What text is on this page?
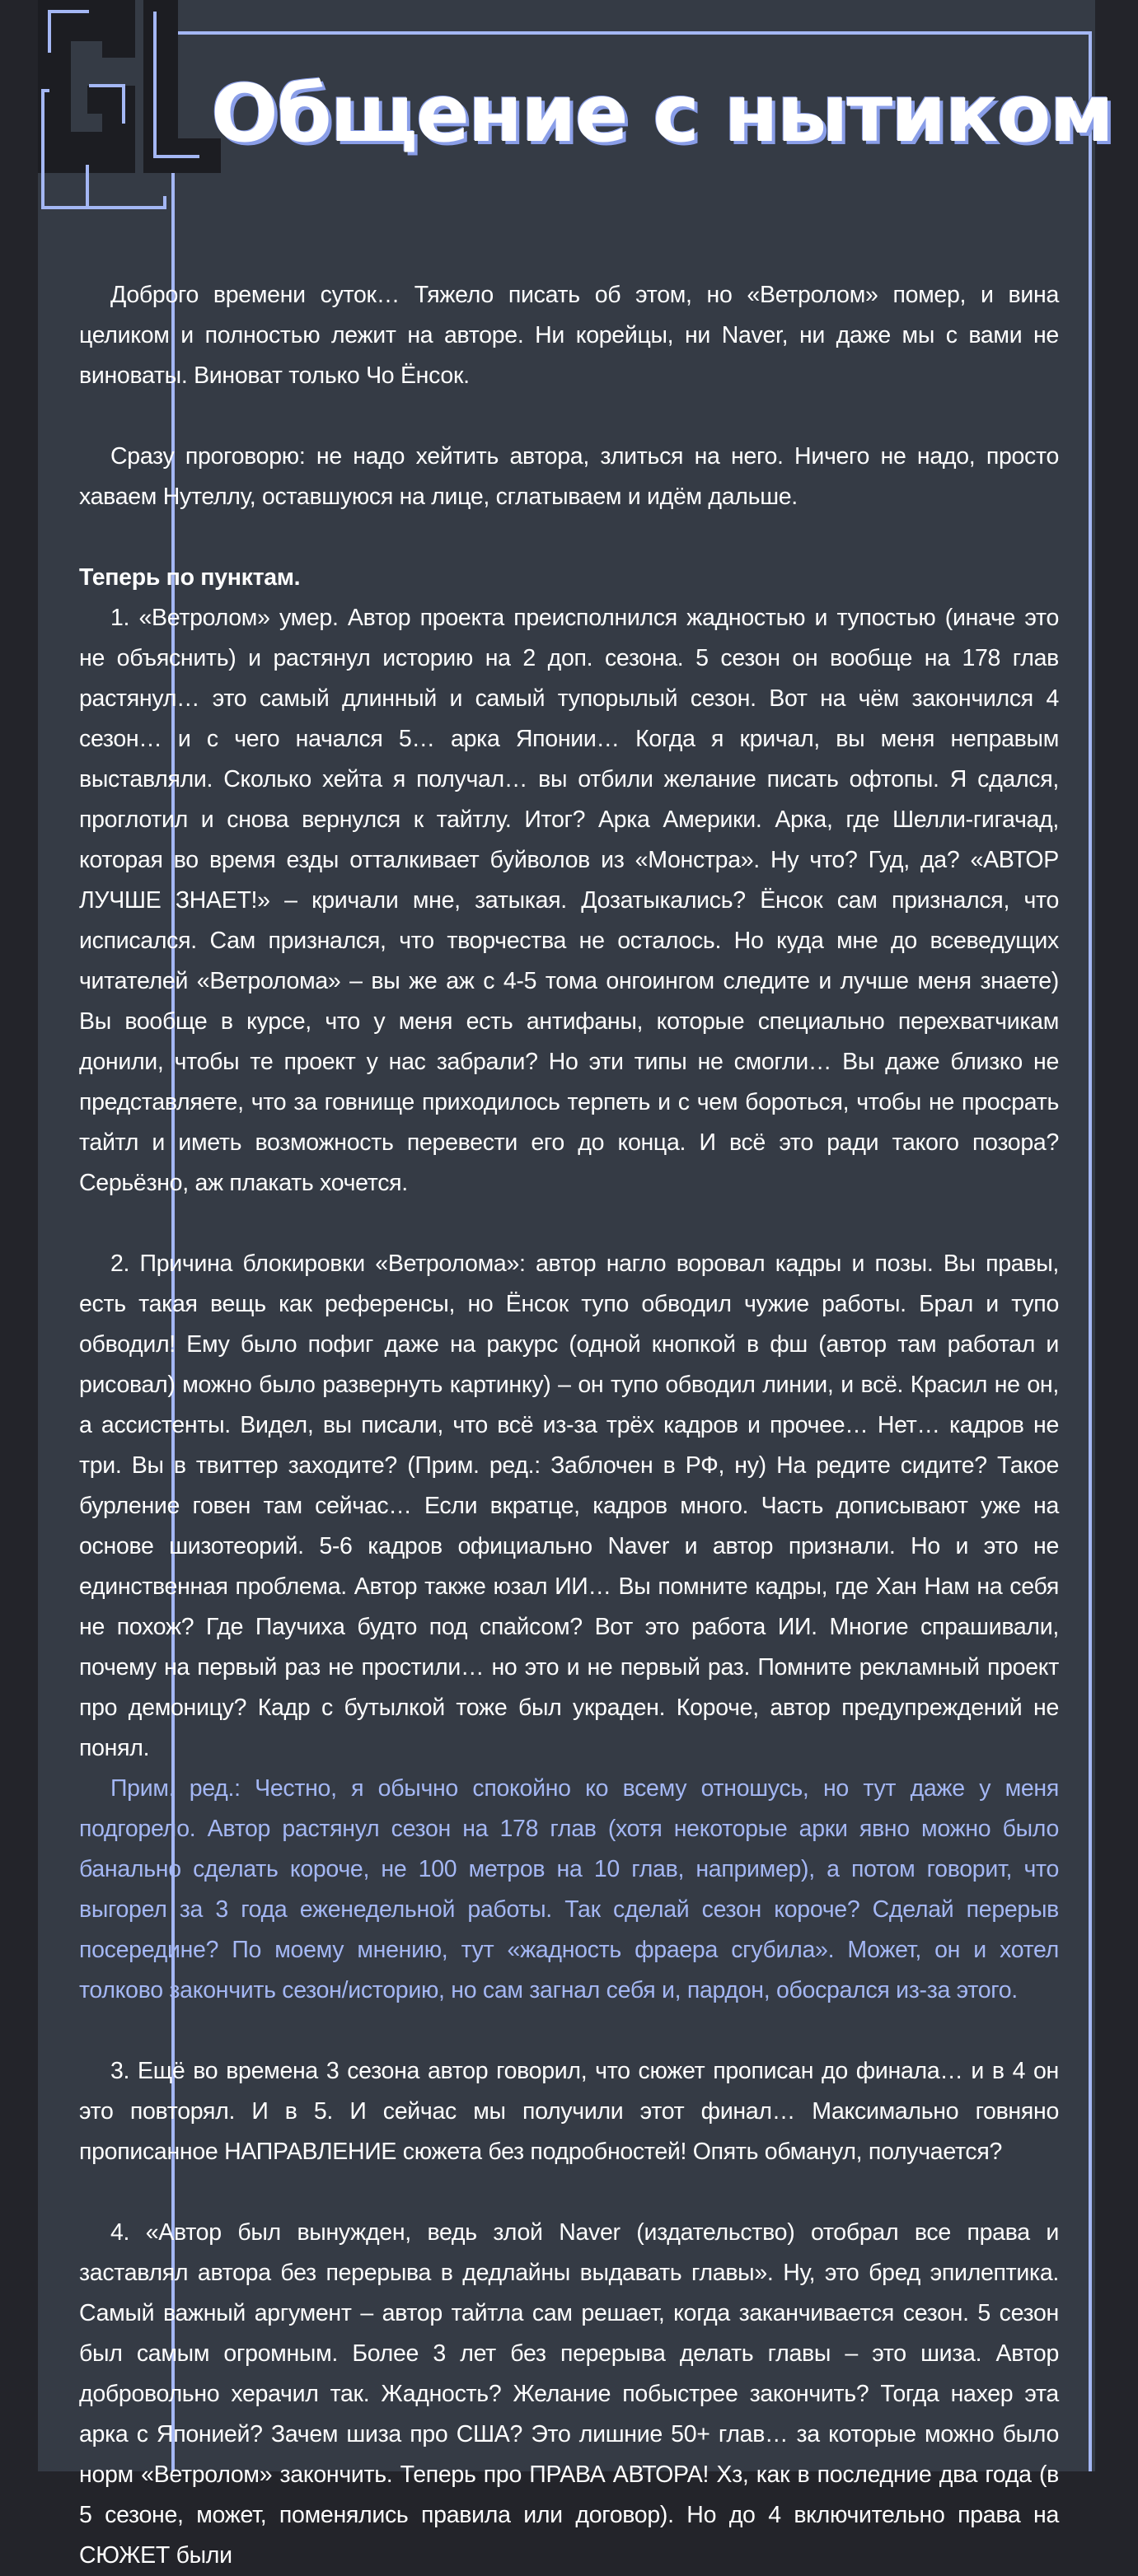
Общение с нытиком

Доброго времени суток… Тяжело писать об этом, но «Ветролом» помер, и вина целиком и полностью лежит на авторе. Ни корейцы, ни Naver, ни даже мы с вами не виноваты. Виноват только Чо Ёнсок.

Сразу проговорю: не надо хейтить автора, злиться на него. Ничего не надо, просто хаваем Нутеллу, оставшуюся на лице, сглатываем и идём дальше.

Теперь по пунктам.

1. «Ветролом» умер. Автор проекта преисполнился жадностью и тупостью (иначе это не объяснить) и растянул историю на 2 доп. сезона. 5 сезон он вообще на 178 глав растянул… это самый длинный и самый тупорылый сезон. Вот на чём закончился 4 сезон… и с чего начался 5… арка Японии… Когда я кричал, вы меня неправым выставляли. Сколько хейта я получал… вы отбили желание писать офтопы. Я сдался, проглотил и снова вернулся к тайтлу. Итог? Арка Америки. Арка, где Шелли-гигачад, которая во время езды отталкивает буйволов из «Монстра». Ну что? Гуд, да? «АВТОР ЛУЧШЕ ЗНАЕТ!» – кричали мне, затыкая. Дозатыкались? Ёнсок сам признался, что исписался. Сам признался, что творчества не осталось. Но куда мне до всеведущих читателей «Ветролома» – вы же аж с 4-5 тома онгоингом следите и лучше меня знаете) Вы вообще в курсе, что у меня есть антифаны, которые специально перехватчикам донили, чтобы те проект у нас забрали? Но эти типы не смогли… Вы даже близко не представляете, что за говнище приходилось терпеть и с чем бороться, чтобы не просрать тайтл и иметь возможность перевести его до конца. И всё это ради такого позора? Серьёзно, аж плакать хочется.

2. Причина блокировки «Ветролома»: автор нагло воровал кадры и позы. Вы правы, есть такая вещь как референсы, но Ёнсок тупо обводил чужие работы. Брал и тупо обводил! Ему было пофиг даже на ракурс (одной кнопкой в фш (автор там работал и рисовал) можно было развернуть картинку) – он тупо обводил линии, и всё. Красил не он, а ассистенты. Видел, вы писали, что всё из-за трёх кадров и прочее… Нет… кадров не три. Вы в твиттер заходите? (Прим. ред.: Заблочен в РФ, ну) На редите сидите? Такое бурление говен там сейчас… Если вкратце, кадров много. Часть дописывают уже на основе шизотеорий. 5-6 кадров официально Naver и автор признали. Но и это не единственная проблема. Автор также юзал ИИ… Вы помните кадры, где Хан Нам на себя не похож? Где Паучиха будто под спайсом? Вот это работа ИИ. Многие спрашивали, почему на первый раз не простили… но это и не первый раз. Помните рекламный проект про демоницу? Кадр с бутылкой тоже был украден. Короче, автор предупреждений не понял.

Прим. ред.: Честно, я обычно спокойно ко всему отношусь, но тут даже у меня подгорело. Автор растянул сезон на 178 глав (хотя некоторые арки явно можно было банально сделать короче, не 100 метров на 10 глав, например), а потом говорит, что выгорел за 3 года еженедельной работы. Так сделай сезон короче? Сделай перерыв посередине? По моему мнению, тут «жадность фраера сгубила». Может, он и хотел толково закончить сезон/историю, но сам загнал себя и, пардон, обосрался из-за этого.

3. Ещё во времена 3 сезона автор говорил, что сюжет прописан до финала… и в 4 он это повторял. И в 5. И сейчас мы получили этот финал… Максимально говняно прописанное НАПРАВЛЕНИЕ сюжета без подробностей! Опять обманул, получается?

4. «Автор был вынужден, ведь злой Naver (издательство) отобрал все права и заставлял автора без перерыва в дедлайны выдавать главы». Ну, это бред эпилептика. Самый важный аргумент – автор тайтла сам решает, когда заканчивается сезон. 5 сезон был самым огромным. Более 3 лет без перерыва делать главы – это шиза. Автор добровольно херачил так. Жадность? Желание побыстрее закончить? Тогда нахер эта арка с Японией? Зачем шиза про США? Это лишние 50+ глав… за которые можно было норм «Ветролом» закончить. Теперь про ПРАВА АВТОРА! Хз, как в последние два года (в 5 сезоне, может, поменялись правила или договор). Но до 4 включительно права на СЮЖЕТ были
